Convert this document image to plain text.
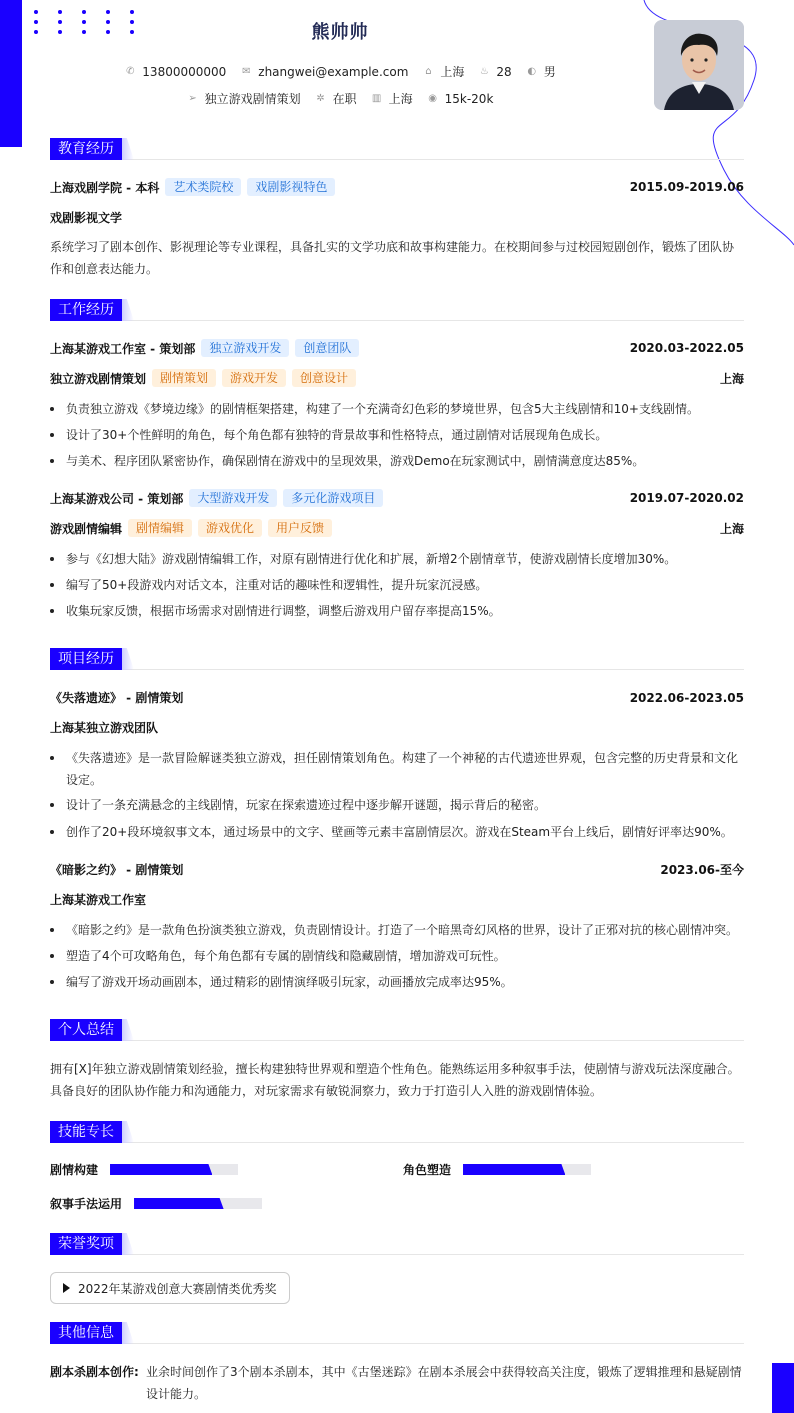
熊帅帅
✆ 13800000000 ✉ zhangwei@example.com ⌂ 上海 ♨ 28 ◐ 男
➢ 独立游戏剧情策划 ✲ 在职 ▥ 上海 ◉ 15k-20k
教育经历
上海戏剧学院 - 本科	艺术类院校	戏剧影视特色	2015.09-2019.06
戏剧影视文学
系统学习了剧本创作、影视理论等专业课程，具备扎实的文学功底和故事构建能力。在校期间参与过校园短剧创作，锻炼了团队协作和创意表达能力。
工作经历
上海某游戏工作室 - 策划部	独立游戏开发	创意团队	2020.03-2022.05
独立游戏剧情策划	剧情策划	游戏开发	创意设计	上海
负责独立游戏《梦境边缘》的剧情框架搭建，构建了一个充满奇幻色彩的梦境世界，包含5大主线剧情和10+支线剧情。
设计了30+个性鲜明的角色，每个角色都有独特的背景故事和性格特点，通过剧情对话展现角色成长。
与美术、程序团队紧密协作，确保剧情在游戏中的呈现效果，游戏Demo在玩家测试中，剧情满意度达85%。
上海某游戏公司 - 策划部	大型游戏开发	多元化游戏项目	2019.07-2020.02
游戏剧情编辑	剧情编辑	游戏优化	用户反馈	上海
参与《幻想大陆》游戏剧情编辑工作，对原有剧情进行优化和扩展，新增2个剧情章节，使游戏剧情长度增加30%。
编写了50+段游戏内对话文本，注重对话的趣味性和逻辑性，提升玩家沉浸感。
收集玩家反馈，根据市场需求对剧情进行调整，调整后游戏用户留存率提高15%。
项目经历
《失落遗迹》 - 剧情策划	2022.06-2023.05
上海某独立游戏团队
《失落遗迹》是一款冒险解谜类独立游戏，担任剧情策划角色。构建了一个神秘的古代遗迹世界观，包含完整的历史背景和文化设定。
设计了一条充满悬念的主线剧情，玩家在探索遗迹过程中逐步解开谜题，揭示背后的秘密。
创作了20+段环境叙事文本，通过场景中的文字、壁画等元素丰富剧情层次。游戏在Steam平台上线后，剧情好评率达90%。
《暗影之约》 - 剧情策划	2023.06-至今
上海某游戏工作室
《暗影之约》是一款角色扮演类独立游戏，负责剧情设计。打造了一个暗黑奇幻风格的世界，设计了正邪对抗的核心剧情冲突。
塑造了4个可攻略角色，每个角色都有专属的剧情线和隐藏剧情，增加游戏可玩性。
编写了游戏开场动画剧本，通过精彩的剧情演绎吸引玩家，动画播放完成率达95%。
个人总结
拥有[X]年独立游戏剧情策划经验，擅长构建独特世界观和塑造个性角色。能熟练运用多种叙事手法，使剧情与游戏玩法深度融合。具备良好的团队协作能力和沟通能力，对玩家需求有敏锐洞察力，致力于打造引人入胜的游戏剧情体验。
技能专长
剧情构建	角色塑造
叙事手法运用
荣誉奖项
2022年某游戏创意大赛剧情类优秀奖
其他信息
剧本杀剧本创作: 业余时间创作了3个剧本杀剧本，其中《古堡迷踪》在剧本杀展会中获得较高关注度，锻炼了逻辑推理和悬疑剧情设计能力。
